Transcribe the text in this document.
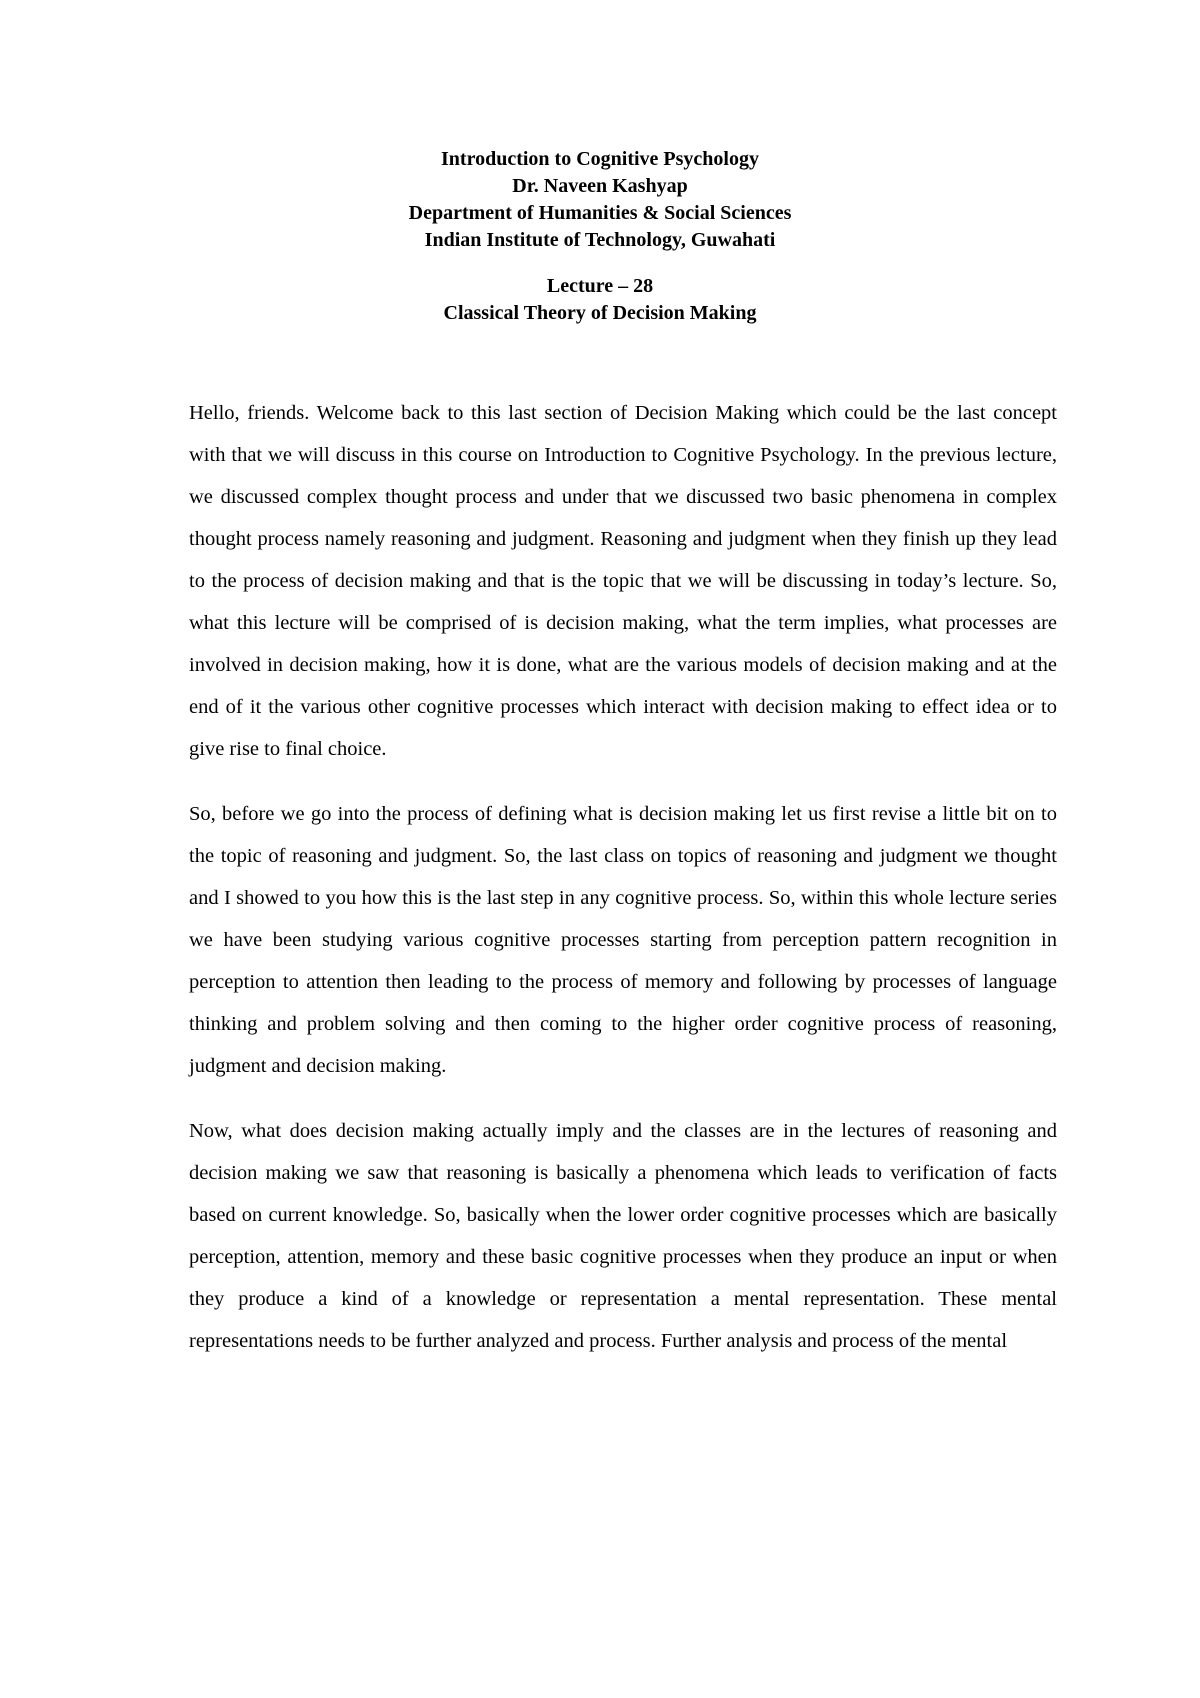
Introduction to Cognitive Psychology
Dr. Naveen Kashyap
Department of Humanities & Social Sciences
Indian Institute of Technology, Guwahati
Lecture – 28
Classical Theory of Decision Making

Hello, friends. Welcome back to this last section of Decision Making which could be the last concept with that we will discuss in this course on Introduction to Cognitive Psychology. In the previous lecture, we discussed complex thought process and under that we discussed two basic phenomena in complex thought process namely reasoning and judgment. Reasoning and judgment when they finish up they lead to the process of decision making and that is the topic that we will be discussing in today’s lecture. So, what this lecture will be comprised of is decision making, what the term implies, what processes are involved in decision making, how it is done, what are the various models of decision making and at the end of it the various other cognitive processes which interact with decision making to effect idea or to give rise to final choice.

So, before we go into the process of defining what is decision making let us first revise a little bit on to the topic of reasoning and judgment. So, the last class on topics of reasoning and judgment we thought and I showed to you how this is the last step in any cognitive process. So, within this whole lecture series we have been studying various cognitive processes starting from perception pattern recognition in perception to attention then leading to the process of memory and following by processes of language thinking and problem solving and then coming to the higher order cognitive process of reasoning, judgment and decision making.

Now, what does decision making actually imply and the classes are in the lectures of reasoning and decision making we saw that reasoning is basically a phenomena which leads to verification of facts based on current knowledge. So, basically when the lower order cognitive processes which are basically perception, attention, memory and these basic cognitive processes when they produce an input or when they produce a kind of a knowledge or representation a mental representation. These mental representations needs to be further analyzed and process. Further analysis and process of the mental
